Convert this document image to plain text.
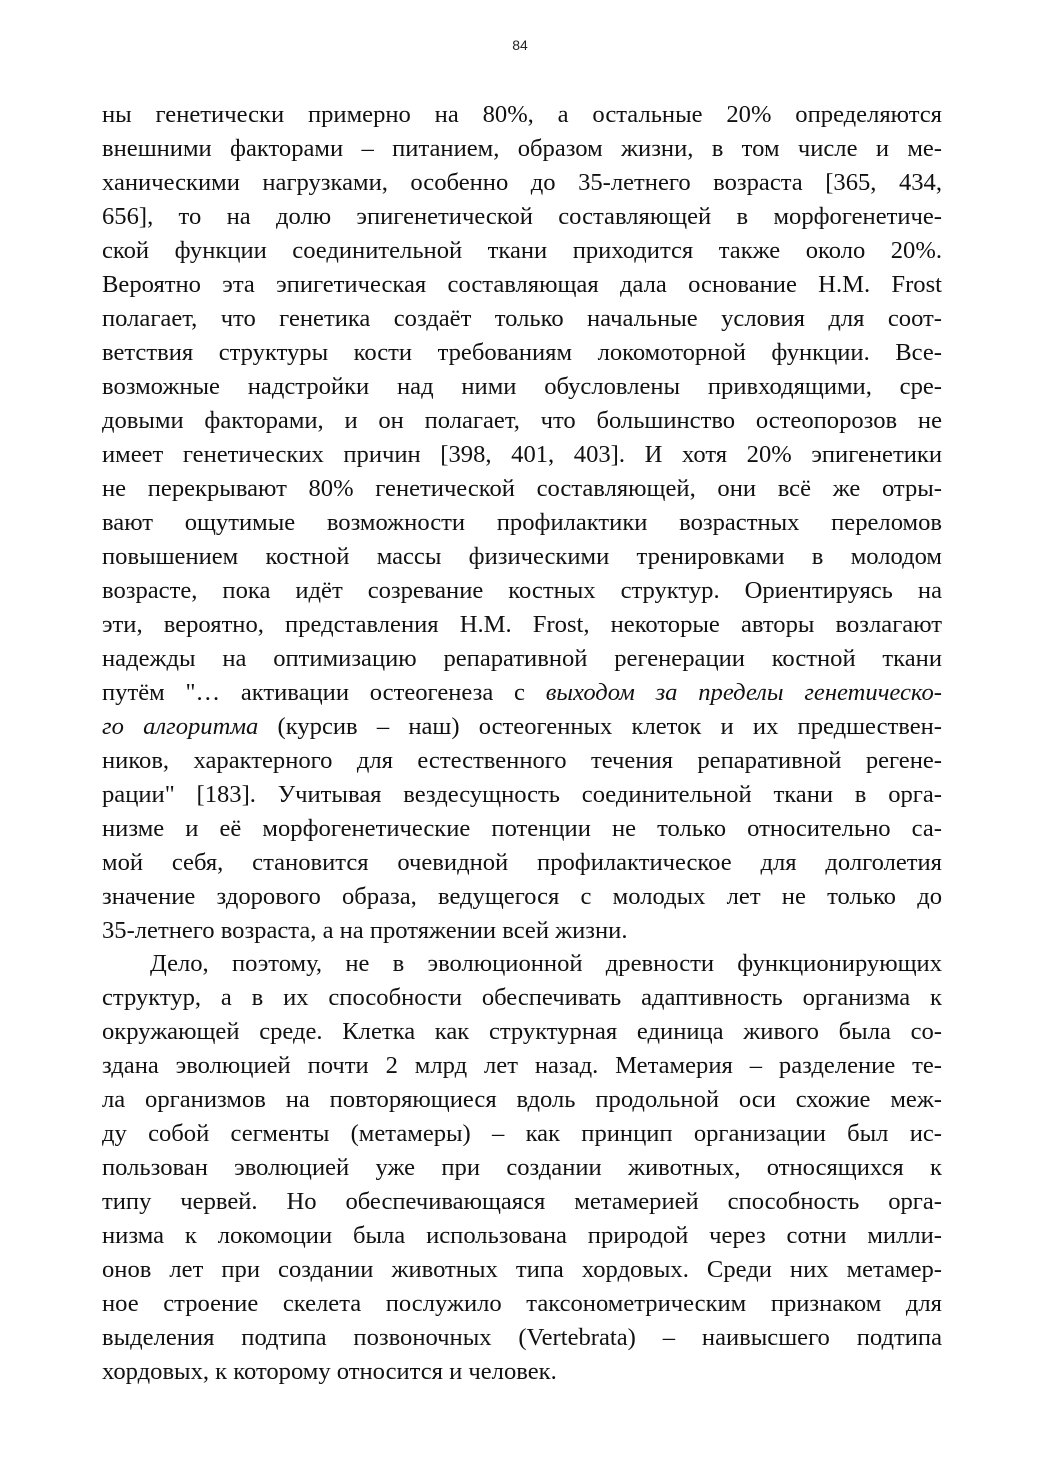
84
ны генетически примерно на 80%, а остальные 20% определяются
внешними факторами – питанием, образом жизни, в том числе и ме-
ханическими нагрузками, особенно до 35-летнего возраста [365, 434,
656], то на долю эпигенетической составляющей в морфогенетиче-
ской функции соединительной ткани приходится также около 20%.
Вероятно эта эпигетическая составляющая дала основание H.M. Frost
полагает, что генетика создаёт только начальные условия для соот-
ветствия структуры кости требованиям локомоторной функции. Все-
возможные надстройки над ними обусловлены привходящими, сре-
довыми факторами, и он полагает, что большинство остеопорозов не
имеет генетических причин [398, 401, 403]. И хотя 20% эпигенетики
не перекрывают 80% генетической составляющей, они всё же отры-
вают ощутимые возможности профилактики возрастных переломов
повышением костной массы физическими тренировками в молодом
возрасте, пока идёт созревание костных структур. Ориентируясь на
эти, вероятно, представления H.M. Frost, некоторые авторы возлагают
надежды на оптимизацию репаративной регенерации костной ткани
путём "… активации остеогенеза с выходом за пределы генетическо-
го алгоритма (курсив – наш) остеогенных клеток и их предшествен-
ников, характерного для естественного течения репаративной регене-
рации" [183]. Учитывая вездесущность соединительной ткани в орга-
низме и её морфогенетические потенции не только относительно са-
мой себя, становится очевидной профилактическое для долголетия
значение здорового образа, ведущегося с молодых лет не только до
35-летнего возраста, а на протяжении всей жизни.
Дело, поэтому, не в эволюционной древности функционирующих
структур, а в их способности обеспечивать адаптивность организма к
окружающей среде. Клетка как структурная единица живого была со-
здана эволюцией почти 2 млрд лет назад. Метамерия – разделение те-
ла организмов на повторяющиеся вдоль продольной оси схожие меж-
ду собой сегменты (метамеры) – как принцип организации был ис-
пользован эволюцией уже при создании животных, относящихся к
типу червей. Но обеспечивающаяся метамерией способность орга-
низма к локомоции была использована природой через сотни милли-
онов лет при создании животных типа хордовых. Среди них метамер-
ное строение скелета послужило таксонометрическим признаком для
выделения подтипа позвоночных (Vertebrata) – наивысшего подтипа
хордовых, к которому относится и человек.
